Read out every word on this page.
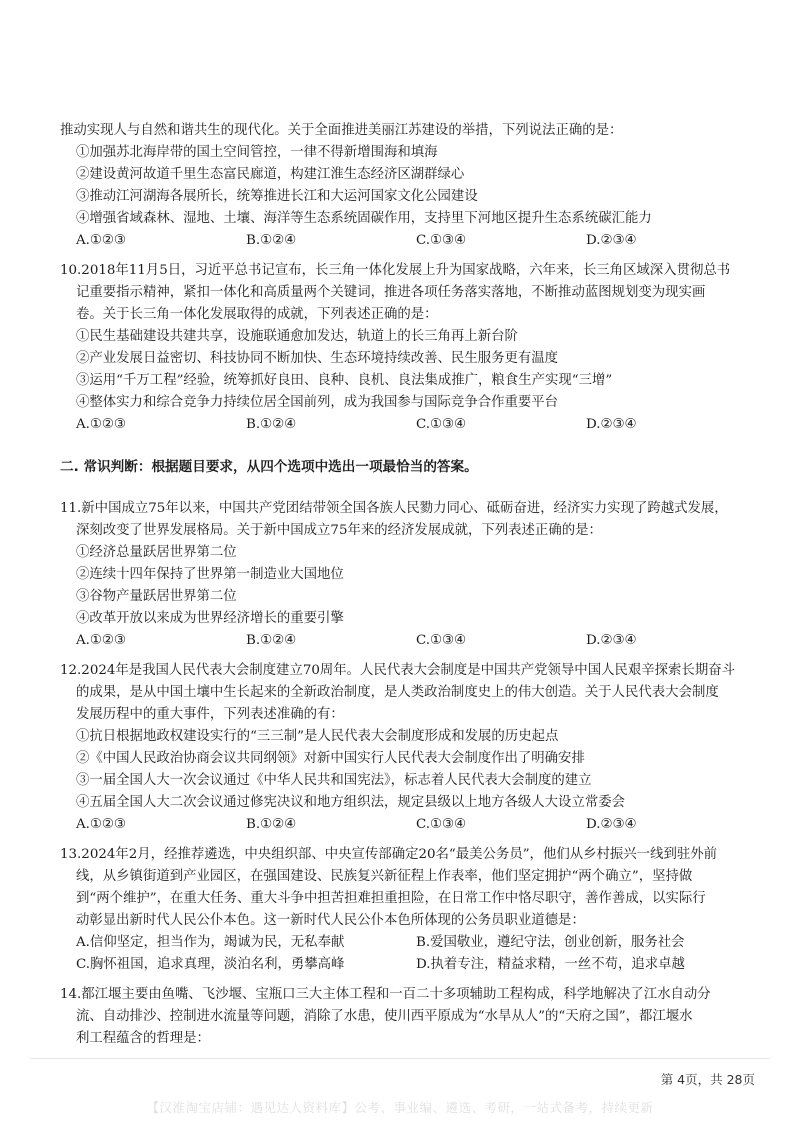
推动实现人与自然和谐共生的现代化。关于全面推进美丽江苏建设的举措，下列说法正确的是：

①加强苏北海岸带的国土空间管控，一律不得新增围海和填海

②建设黄河故道千里生态富民廊道，构建江淮生态经济区湖群绿心

③推动江河湖海各展所长，统筹推进长江和大运河国家文化公园建设

④增强省域森林、湿地、土壤、海洋等生态系统固碳作用，支持里下河地区提升生态系统碳汇能力

A.①②③	B.①②④	C.①③④	D.②③④

10.2018年11月5日，习近平总书记宣布，长三角一体化发展上升为国家战略，六年来，长三角区域深入贯彻总书

记重要指示精神，紧扣一体化和高质量两个关键词，推进各项任务落实落地，不断推动蓝图规划变为现实画

卷。关于长三角一体化发展取得的成就，下列表述正确的是：

①民生基础建设共建共享，设施联通愈加发达，轨道上的长三角再上新台阶

②产业发展日益密切、科技协同不断加快、生态环境持续改善、民生服务更有温度

③运用“千万工程”经验，统筹抓好良田、良种、良机、良法集成推广，粮食生产实现“三增”

④整体实力和综合竞争力持续位居全国前列，成为我国参与国际竞争合作重要平台

A.①②③	B.①②④	C.①③④	D.②③④

二. 常识判断：根据题目要求，从四个选项中选出一项最恰当的答案。

11.新中国成立75年以来，中国共产党团结带领全国各族人民勠力同心、砥砺奋进，经济实力实现了跨越式发展，

深刻改变了世界发展格局。关于新中国成立75年来的经济发展成就，下列表述正确的是：

①经济总量跃居世界第二位

②连续十四年保持了世界第一制造业大国地位

③谷物产量跃居世界第二位

④改革开放以来成为世界经济增长的重要引擎

A.①②③	B.①②④	C.①③④	D.②③④

12.2024年是我国人民代表大会制度建立70周年。人民代表大会制度是中国共产党领导中国人民艰辛探索长期奋斗

的成果，是从中国土壤中生长起来的全新政治制度，是人类政治制度史上的伟大创造。关于人民代表大会制度

发展历程中的重大事件，下列表述准确的有：

①抗日根据地政权建设实行的“三三制”是人民代表大会制度形成和发展的历史起点

②《中国人民政治协商会议共同纲领》对新中国实行人民代表大会制度作出了明确安排

③一届全国人大一次会议通过《中华人民共和国宪法》，标志着人民代表大会制度的建立

④五届全国人大二次会议通过修宪决议和地方组织法，规定县级以上地方各级人大设立常委会

A.①②③	B.①②④	C.①③④	D.②③④

13.2024年2月，经推荐遴选，中央组织部、中央宣传部确定20名“最美公务员”，他们从乡村振兴一线到驻外前

线，从乡镇街道到产业园区，在强国建设、民族复兴新征程上作表率，他们坚定拥护“两个确立”，坚持做

到“两个维护”，在重大任务、重大斗争中担苦担难担重担险，在日常工作中恪尽职守，善作善成，以实际行

动彰显出新时代人民公仆本色。这一新时代人民公仆本色所体现的公务员职业道德是：

A.信仰坚定，担当作为，竭诚为民，无私奉献	B.爱国敬业，遵纪守法，创业创新，服务社会
C.胸怀祖国，追求真理，淡泊名利，勇攀高峰	D.执着专注，精益求精，一丝不苟，追求卓越

14.都江堰主要由鱼嘴、飞沙堰、宝瓶口三大主体工程和一百二十多项辅助工程构成，科学地解决了江水自动分

流、自动排沙、控制进水流量等问题，消除了水患，使川西平原成为“水旱从人”的“天府之国”，都江堰水

利工程蕴含的哲理是：

第 4页，共 28页
【汉淮淘宝店铺：遇见达人资料库】公考、事业编、遴选、考研，一站式备考，持续更新
